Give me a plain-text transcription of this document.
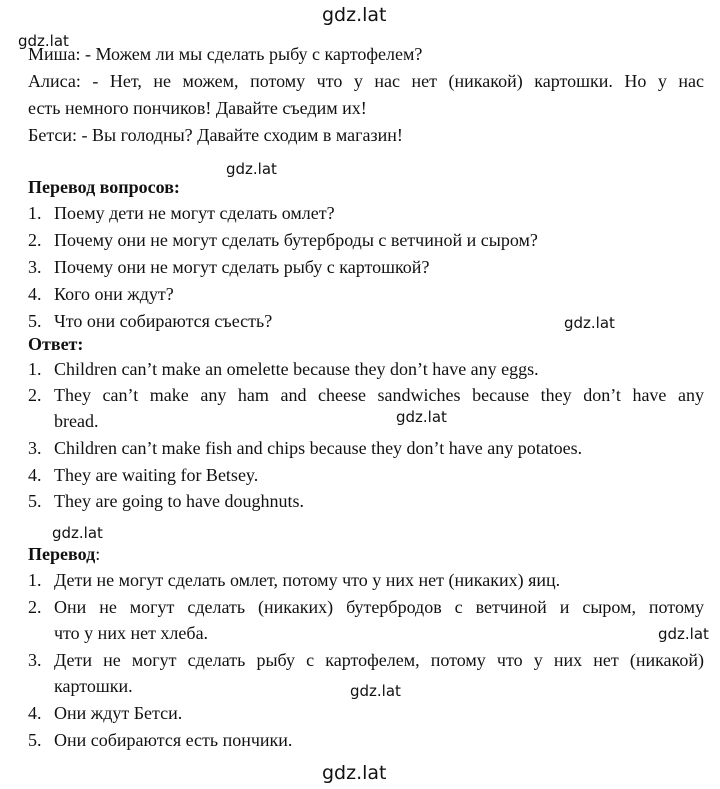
gdz.lat
gdz.lat
gdz.lat
gdz.lat
gdz.lat
gdz.lat
gdz.lat
gdz.lat
gdz.lat
Миша: - Можем ли мы сделать рыбу с картофелем?
Алиса: - Нет, не можем, потому что у нас нет (никакой) картошки. Но у нас
есть немного пончиков! Давайте съедим их!
Бетси: - Вы голодны? Давайте сходим в магазин!
Перевод вопросов:
1. Поему дети не могут сделать омлет?
2. Почему они не могут сделать бутерброды с ветчиной и сыром?
3. Почему они не могут сделать рыбу с картошкой?
4. Кого они ждут?
5. Что они собираются съесть?
Ответ:
1. Children can’t make an omelette because they don’t have any eggs.
2. They can’t make any ham and cheese sandwiches because they don’t have any
bread.
3. Children can’t make fish and chips because they don’t have any potatoes.
4. They are waiting for Betsey.
5. They are going to have doughnuts.
Перевод:
1. Дети не могут сделать омлет, потому что у них нет (никаких) яиц.
2. Они не могут сделать (никаких) бутербродов с ветчиной и сыром, потому
что у них нет хлеба.
3. Дети не могут сделать рыбу с картофелем, потому что у них нет (никакой)
картошки.
4. Они ждут Бетси.
5. Они собираются есть пончики.
